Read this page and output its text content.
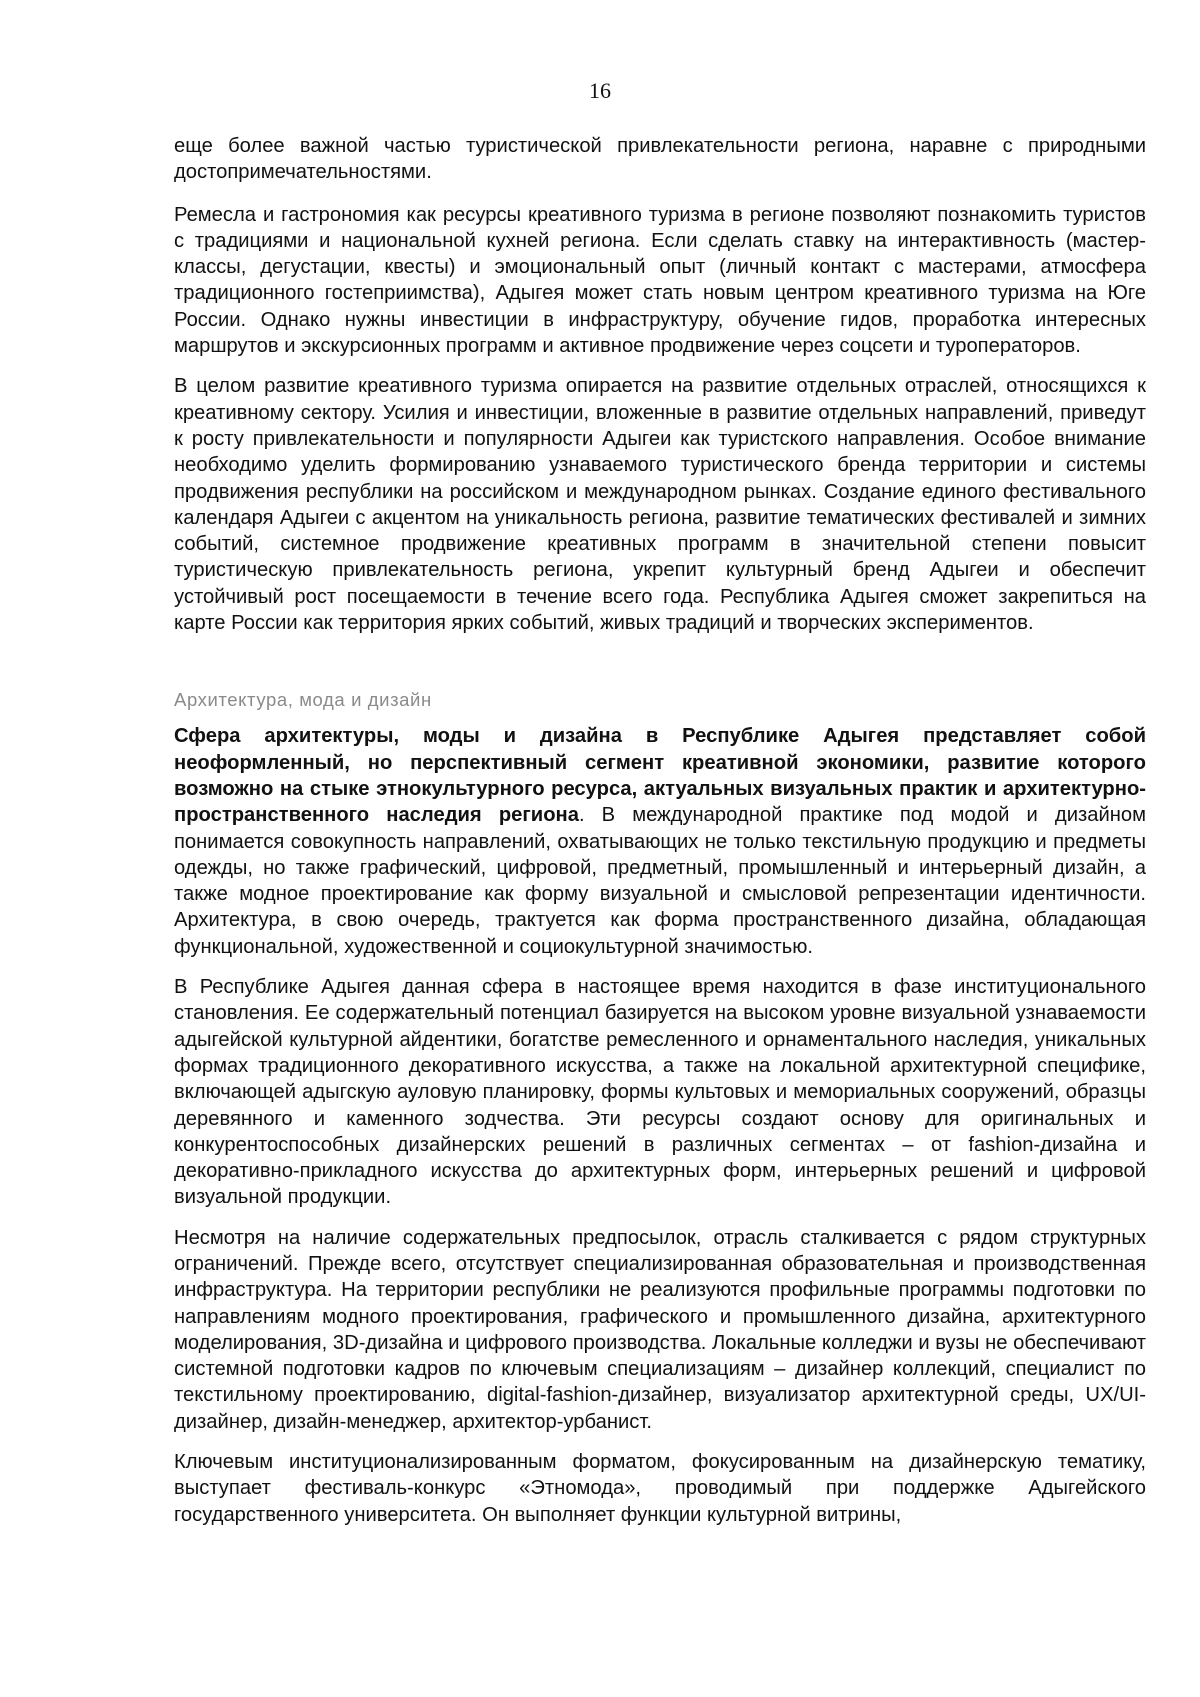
16

еще более важной частью туристической привлекательности региона, наравне с природными достопримечательностями.

Ремесла и гастрономия как ресурсы креативного туризма в регионе позволяют познакомить туристов с традициями и национальной кухней региона. Если сделать ставку на интерактивность (мастер-классы, дегустации, квесты) и эмоциональный опыт (личный контакт с мастерами, атмосфера традиционного гостеприимства), Адыгея может стать новым центром креативного туризма на Юге России. Однако нужны инвестиции в инфраструктуру, обучение гидов, проработка интересных маршрутов и экскурсионных программ и активное продвижение через соцсети и туроператоров.

В целом развитие креативного туризма опирается на развитие отдельных отраслей, относящихся к креативному сектору. Усилия и инвестиции, вложенные в развитие отдельных направлений, приведут к росту привлекательности и популярности Адыгеи как туристского направления. Особое внимание необходимо уделить формированию узнаваемого туристического бренда территории и системы продвижения республики на российском и международном рынках. Создание единого фестивального календаря Адыгеи с акцентом на уникальность региона, развитие тематических фестивалей и зимних событий, системное продвижение креативных программ в значительной степени повысит туристическую привлекательность региона, укрепит культурный бренд Адыгеи и обеспечит устойчивый рост посещаемости в течение всего года. Республика Адыгея сможет закрепиться на карте России как территория ярких событий, живых традиций и творческих экспериментов.

Архитектура, мода и дизайн

Сфера архитектуры, моды и дизайна в Республике Адыгея представляет собой неоформленный, но перспективный сегмент креативной экономики, развитие которого возможно на стыке этнокультурного ресурса, актуальных визуальных практик и архитектурно-пространственного наследия региона. В международной практике под модой и дизайном понимается совокупность направлений, охватывающих не только текстильную продукцию и предметы одежды, но также графический, цифровой, предметный, промышленный и интерьерный дизайн, а также модное проектирование как форму визуальной и смысловой репрезентации идентичности. Архитектура, в свою очередь, трактуется как форма пространственного дизайна, обладающая функциональной, художественной и социокультурной значимостью.

В Республике Адыгея данная сфера в настоящее время находится в фазе институционального становления. Ее содержательный потенциал базируется на высоком уровне визуальной узнаваемости адыгейской культурной айдентики, богатстве ремесленного и орнаментального наследия, уникальных формах традиционного декоративного искусства, а также на локальной архитектурной специфике, включающей адыгскую ауловую планировку, формы культовых и мемориальных сооружений, образцы деревянного и каменного зодчества. Эти ресурсы создают основу для оригинальных и конкурентоспособных дизайнерских решений в различных сегментах – от fashion-дизайна и декоративно-прикладного искусства до архитектурных форм, интерьерных решений и цифровой визуальной продукции.

Несмотря на наличие содержательных предпосылок, отрасль сталкивается с рядом структурных ограничений. Прежде всего, отсутствует специализированная образовательная и производственная инфраструктура. На территории республики не реализуются профильные программы подготовки по направлениям модного проектирования, графического и промышленного дизайна, архитектурного моделирования, 3D-дизайна и цифрового производства. Локальные колледжи и вузы не обеспечивают системной подготовки кадров по ключевым специализациям – дизайнер коллекций, специалист по текстильному проектированию, digital-fashion-дизайнер, визуализатор архитектурной среды, UX/UI-дизайнер, дизайн-менеджер, архитектор-урбанист.

Ключевым институционализированным форматом, фокусированным на дизайнерскую тематику, выступает фестиваль-конкурс «Этномода», проводимый при поддержке Адыгейского государственного университета. Он выполняет функции культурной витрины,
